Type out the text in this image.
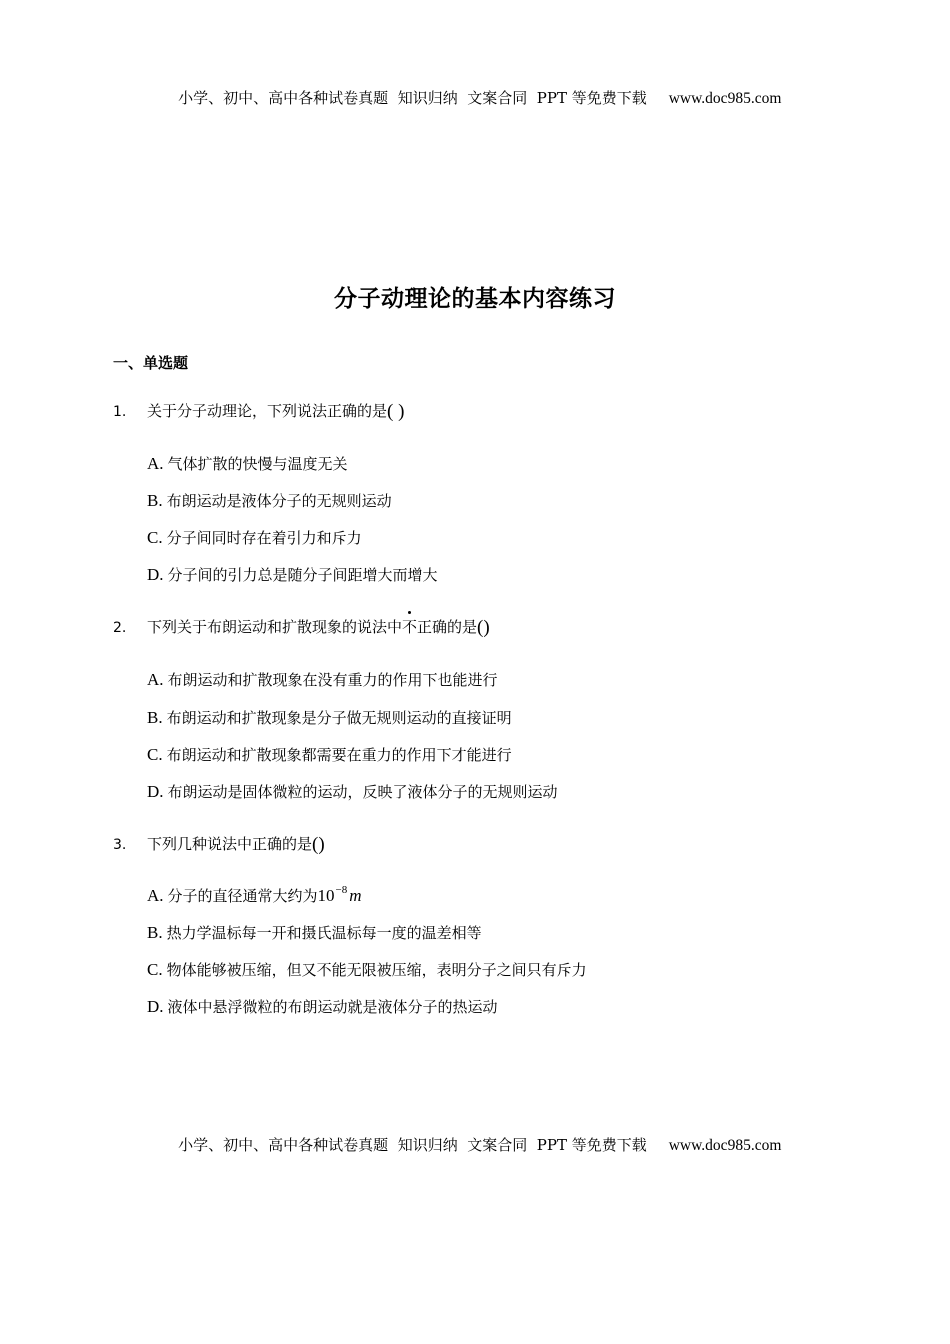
小学、初中、高中各种试卷真题  知识归纳  文案合同  PPT 等免费下载 www.doc985.com

分子动理论的基本内容练习
一、单选题
1. 关于分子动理论，下列说法正确的是( )
A. 气体扩散的快慢与温度无关
B. 布朗运动是液体分子的无规则运动
C. 分子间同时存在着引力和斥力
D. 分子间的引力总是随分子间距增大而增大
2. 下列关于布朗运动和扩散现象的说法中不正确的是()
A. 布朗运动和扩散现象在没有重力的作用下也能进行
B. 布朗运动和扩散现象是分子做无规则运动的直接证明
C. 布朗运动和扩散现象都需要在重力的作用下才能进行
D. 布朗运动是固体微粒的运动，反映了液体分子的无规则运动
3. 下列几种说法中正确的是()
A. 分子的直径通常大约为$10^{-8}$ m
B. 热力学温标每一开和摄氏温标每一度的温差相等
C. 物体能够被压缩，但又不能无限被压缩，表明分子之间只有斥力
D. 液体中悬浮微粒的布朗运动就是液体分子的热运动

小学、初中、高中各种试卷真题  知识归纳  文案合同  PPT 等免费下载 www.doc985.com
